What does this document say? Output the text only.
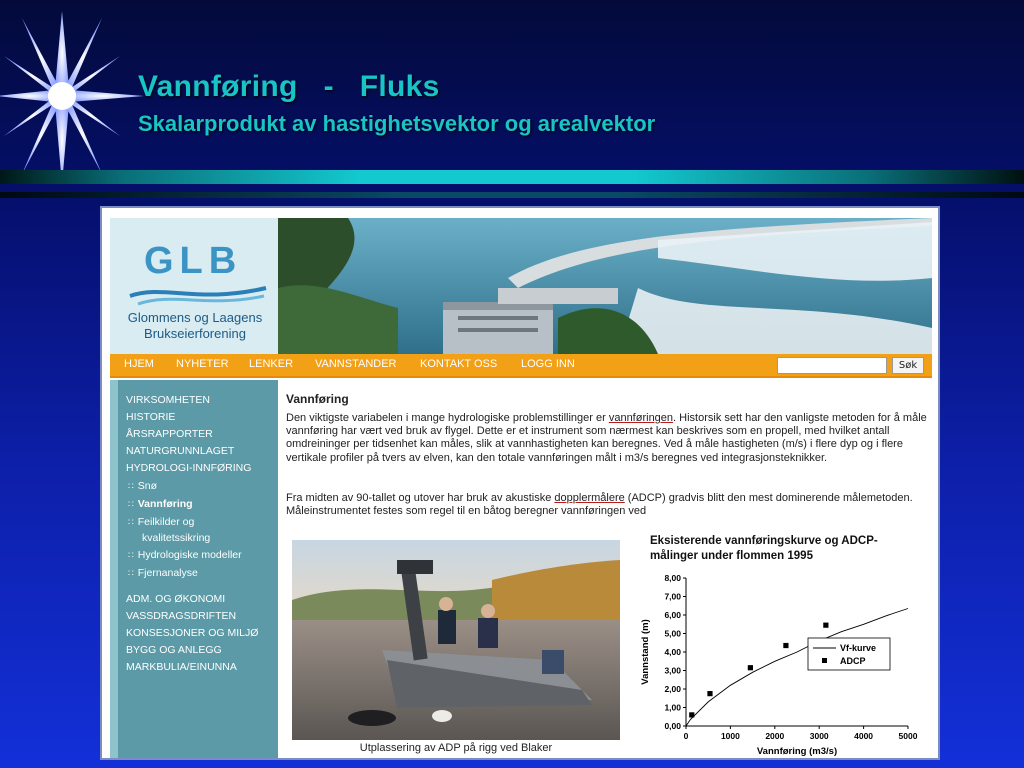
Vannføring   -   Fluks
Skalarprodukt av hastighetsvektor og arealvektor
GLB
Glommens og Laagens
Brukseierforening
HJEM NYHETER LENKER VANNSTANDER KONTAKT OSS LOGG INN	Søk
VIRKSOMHETEN
HISTORIE
ÅRSRAPPORTER
NATURGRUNNLAGET
HYDROLOGI-INNFØRING
∷ Snø
∷ Vannføring
∷ Feilkilder og
kvalitetssikring
∷ Hydrologiske modeller
∷ Fjernanalyse
ADM. OG ØKONOMI
VASSDRAGSDRIFTEN
KONSESJONER OG MILJØ
BYGG OG ANLEGG
MARKBULIA/EINUNNA
Vannføring
Den viktigste variabelen i mange hydrologiske problemstillinger er vannføringen. Historsik sett har den vanligste metoden for å måle vannføring har vært ved bruk av flygel. Dette er et instrument som nærmest kan beskrives som en propell, med hvilket antall omdreininger per tidsenhet kan måles, slik at vannhastigheten kan beregnes. Ved å måle hastigheten (m/s) i flere dyp og i flere vertikale profiler på tvers av elven, kan den totale vannføringen målt i m3/s beregnes ved integrasjonsteknikker.
Fra midten av 90-tallet og utover har bruk av akustiske dopplermålere (ADCP) gradvis blitt den mest dominerende målemetoden. Måleinstrumentet festes som regel til en båtog beregner vannføringen ved
Utplassering av ADP på rigg ved Blaker
Eksisterende vannføringskurve og ADCP-målinger under flommen 1995
0,00
1,00
2,00
3,00
4,00
5,00
6,00
7,00
8,00
0	1000	2000	3000	4000	5000
Vannføring (m3/s)
Vannstand (m)	Vf-kurve
ADCP
